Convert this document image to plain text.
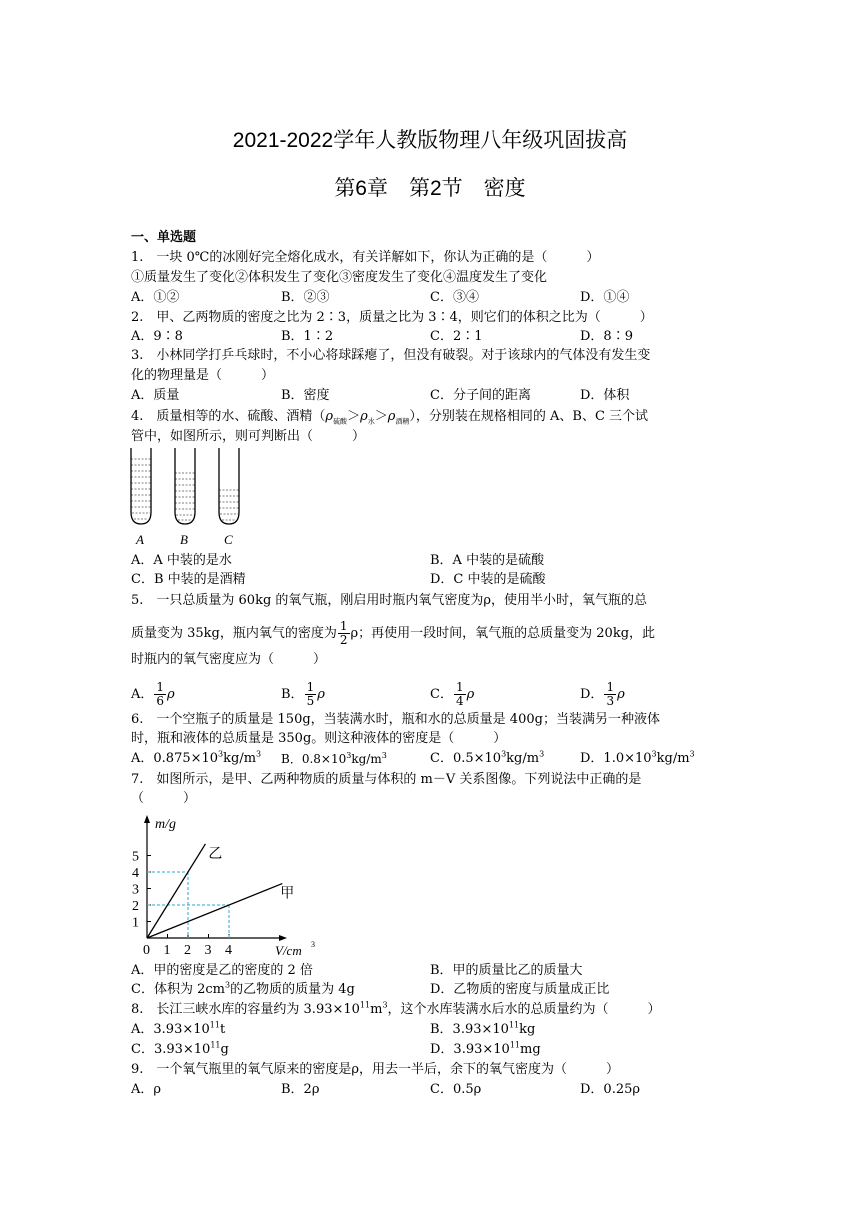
2021-2022学年人教版物理八年级巩固拔高
第6章　第2节　密度
一、单选题
1.　一块 0℃的冰刚好完全熔化成水，有关详解如下，你认为正确的是（　　　）
①质量发生了变化②体积发生了变化③密度发生了变化④温度发生了变化
A．①②	B．②③	C．③④	D．①④
2.　甲、乙两物质的密度之比为 2∶3，质量之比为 3∶4，则它们的体积之比为（　　　）
A．9∶8	B．1∶2	C．2∶1	D．8∶9
3.　小林同学打乒乓球时，不小心将球踩瘪了，但没有破裂。对于该球内的气体没有发生变
化的物理量是（　　　）
A．质量	B．密度	C．分子间的距离	D．体积
4.　质量相等的水、硫酸、酒精$(\rho_{硫酸}>\rho_水>\rho_{酒精})$，分别装在规格相同的 A、B、C 三个试
管中，如图所示，则可判断出（　　　）
A	B	C
A．A 中装的是水	B．A 中装的是硫酸
C．B 中装的是酒精	D．C 中装的是硫酸
5.　一只总质量为 60kg 的氧气瓶，刚启用时瓶内氧气密度为ρ，使用半小时，氧气瓶的总
质量变为 35kg，瓶内氧气的密度为 $\frac{1}{2}$ ρ；再使用一段时间，氧气瓶的总质量变为 20kg，此
时瓶内的氧气密度应为（　　　）
A． $\frac{1}{6}$ ρ	B． $\frac{1}{5}$ ρ	C． $\frac{1}{4}$ ρ	D． $\frac{1}{3}$ ρ
6.　一个空瓶子的质量是 150g，当装满水时，瓶和水的总质量是 400g；当装满另一种液体
时，瓶和液体的总质量是 350g。则这种液体的密度是（　　　）
A．$0.875\times 10^3kg/m^3$ B．$0.8\times 10^3kg/m^3$	C．$0.5\times 10^3kg/m^3$	D．$1.0\times 10^3kg/m^3$
7.　如图所示，是甲、乙两种物质的质量与体积的 m－V 关系图像。下列说法中正确的是
（　　　）
1
2
3
4
5
0 1 2 3 4
乙
甲
m/g
V/cm 3
A．甲的密度是乙的密度的 2 倍	B．甲的质量比乙的质量大
C．体积为 $2cm^3$的乙物质的质量为 4g	D．乙物质的密度与质量成正比
8.　长江三峡水库的容量约为 $3.93\times 10^{11}m^3$，这个水库装满水后水的总质量约为（　　　）
A．$3.93\times 10^{11}t$	B．$3.93\times 10^{11}kg$
C．$3.93\times 10^{11}g$	D．$3.93\times 10^{11}mg$
9.　一个氧气瓶里的氧气原来的密度是ρ，用去一半后，余下的氧气密度为（　　　）
A．ρ	B．2ρ	C．0.5ρ	D．0.25ρ
